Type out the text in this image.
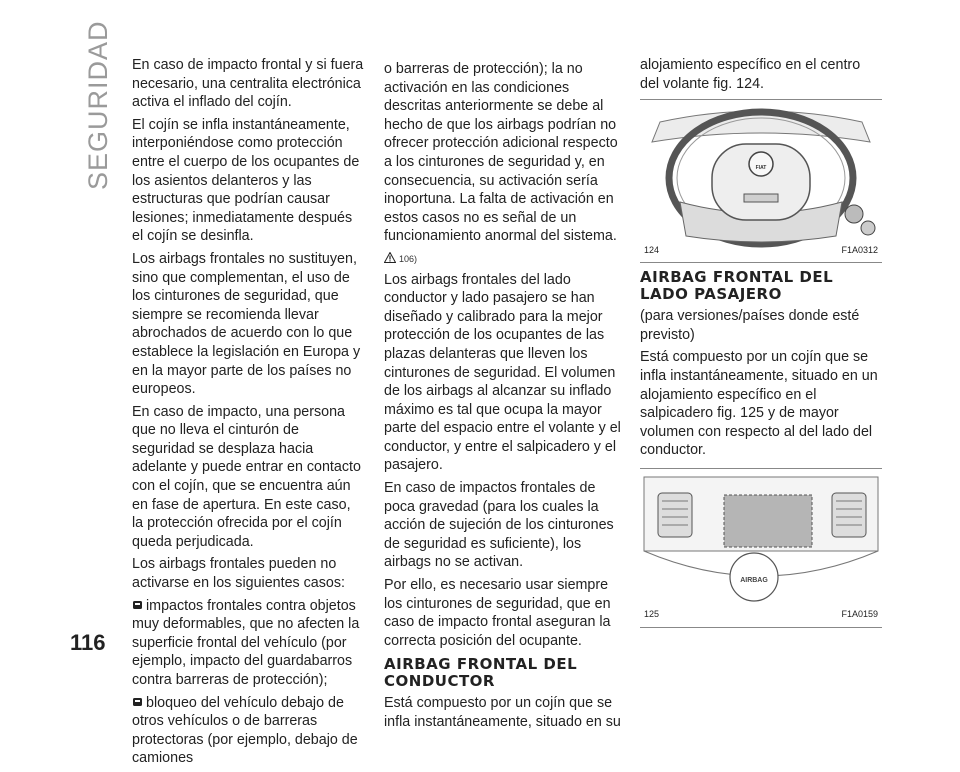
SEGURIDAD En caso de impacto frontal y si fuera necesario, una centralita electrónica activa el inflado del cojín.

El cojín se infla instantáneamente, interponiéndose como protección entre el cuerpo de los ocupantes de los asientos delanteros y las estructuras que podrían causar lesiones; inmediatamente después el cojín se desinfla.

Los airbags frontales no sustituyen, sino que complementan, el uso de los cinturones de seguridad, que siempre se recomienda llevar abrochados de acuerdo con lo que establece la legislación en Europa y en la mayor parte de los países no europeos.

En caso de impacto, una persona que no lleva el cinturón de seguridad se desplaza hacia adelante y puede entrar en contacto con el cojín, que se encuentra aún en fase de apertura. En este caso, la protección ofrecida por el cojín queda perjudicada.

Los airbags frontales pueden no activarse en los siguientes casos:

impactos frontales contra objetos muy deformables, que no afecten la superficie frontal del vehículo (por ejemplo, impacto del guardabarros contra barreras de protección);
bloqueo del vehículo debajo de otros vehículos o de barreras protectoras (por ejemplo, debajo de camiones

o barreras de protección); la no activación en las condiciones descritas anteriormente se debe al hecho de que los airbags podrían no ofrecer protección adicional respecto a los cinturones de seguridad y, en consecuencia, su activación sería inoportuna. La falta de activación en estos casos no es señal de un funcionamiento anormal del sistema.

106)

Los airbags frontales del lado conductor y lado pasajero se han diseñado y calibrado para la mejor protección de los ocupantes de las plazas delanteras que lleven los cinturones de seguridad. El volumen de los airbags al alcanzar su inflado máximo es tal que ocupa la mayor parte del espacio entre el volante y el conductor, y entre el salpicadero y el pasajero.

En caso de impactos frontales de poca gravedad (para los cuales la acción de sujeción de los cinturones de seguridad es suficiente), los airbags no se activan.

Por ello, es necesario usar siempre los cinturones de seguridad, que en caso de impacto frontal aseguran la correcta posición del ocupante.

AIRBAG FRONTAL DEL CONDUCTOR

Está compuesto por un cojín que se infla instantáneamente, situado en su

alojamiento específico en el centro del volante fig. 124.

FIAT
124	F1A0312
AIRBAG FRONTAL DEL LADO PASAJERO

(para versiones/países donde esté previsto)

Está compuesto por un cojín que se infla instantáneamente, situado en un alojamiento específico en el salpicadero fig. 125 y de mayor volumen con respecto al del lado del conductor.

AIRBAG
125	F1A0159
116
